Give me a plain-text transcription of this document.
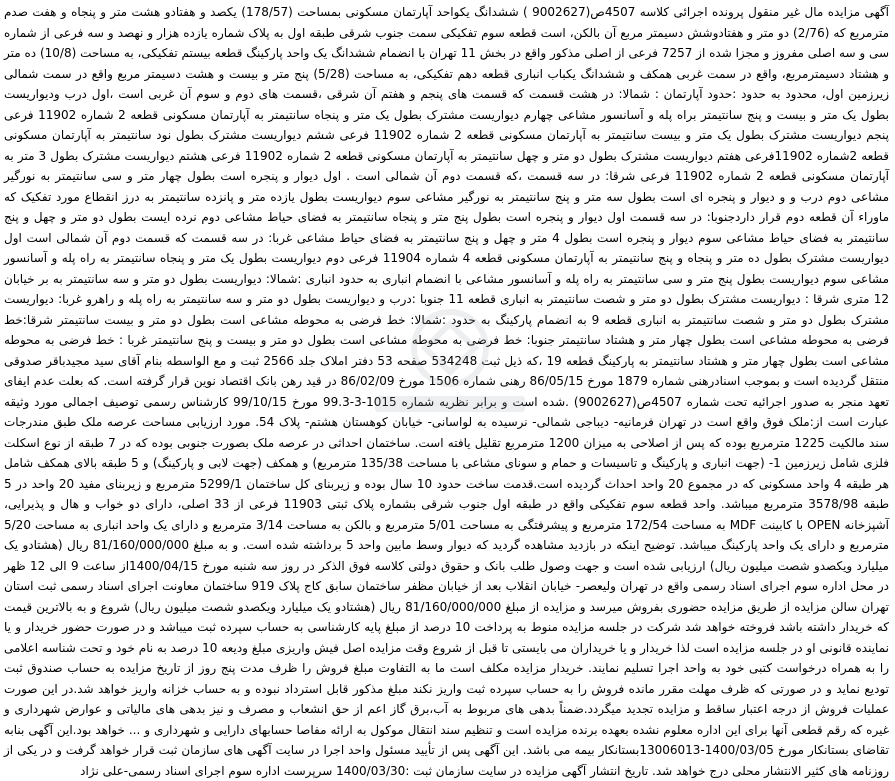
آگهی مزایده مال غیر منقول پرونده اجرائی کلاسه 4507ص(9002627 ) ششدانگ یکواحد آپارتمان مسکونی بمساحت (178/57) یکصد و هفتادو هشت متر و پنجاه و هفت صدم مترمربع که (2/76) دو متر و هفتادوشش دسیمتر مربع آن بالکن، است قطعه سوم تفکیکی سمت جنوب شرقی طبقه اول به پلاک شماره یازده هزار و نهصد و سه فرعی از شماره سی و سه اصلی مفروز و مجزا شده از 7257 فرعی از اصلی مذکور واقع در بخش 11 تهران با انضمام ششدانگ یک واحد پارکینگ قطعه بیستم تفکیکی، به مساحت (10/8) ده متر و هشتاد دسیمترمربع، واقع در سمت غربی همکف و ششدانگ یکباب انباری قطعه دهم تفکیکی، به مساحت (5/28) پنج متر و بیست و هشت دسیمتر مربع واقع در سمت شمالی زیرزمین اول، محدود به حدود :حدود آپارتمان : شمالا: در هشت قسمت که قسمت های پنجم و هفتم آن شرقی ،قسمت های دوم و سوم آن غربی است ،اول درب ودیواریست بطول یک متر و بیست و پنج سانتیمتر براه پله و آسانسور مشاعی چهارم دیواریست مشترک بطول یک متر و پنجاه سانتیمتر به آپارتمان مسکونی قطعه 2 شماره 11902 فرعی پنجم دیواریست مشترک بطول یک متر و بیست سانتیمتر به آپارتمان مسکونی قطعه 2 شماره 11902 فرعی ششم دیواریست مشترک بطول نود سانتیمتر به آپارتمان مسکونی قطعه 2شماره 11902فرعی هفتم دیواریست مشترک بطول دو متر و چهل سانتیمتر به آپارتمان مسکونی قطعه 2 شماره 11902 فرعی هشتم دیواریست مشترک بطول 3 متر به آپارتمان مسکونی قطعه 2 شماره 11902 فرعی شرقا: در سه قسمت ،که قسمت دوم آن شمالی است . اول دیوار و پنجره است بطول چهار متر و سی سانتیمتر به نورگیر مشاعی دوم درب و و دیوار و پنجره ای است بطول سه متر و پنج سانتیمتر به نورگیر مشاعی سوم دیواریست بطول یازده متر و پانزده سانتیمتر به درز انقطاع مورد تفکیک که ماوراء آن قطعه دوم قرار داردجنوبا: در سه قسمت اول دیوار و پنجره است بطول پنج متر و پنجاه سانتیمتر به فضای حیاط مشاعی دوم نرده ایست بطول دو متر و چهل و پنج سانتیمتر به فضای حیاط مشاعی سوم دیوار و پنجره است بطول 4 متر و چهل و پنج سانتیمتر به فضای حیاط مشاعی غربا: در سه قسمت که قسمت دوم آن شمالی است اول دیواریست مشترک بطول ده متر و پنجاه و پنج سانتیمتر به آپارتمان مسکونی قطعه 4 شماره 11904 فرعی دوم دیواریست بطول یک متر و پنجاه سانتیمتر به راه پله و آسانسور مشاعی سوم دیواریست بطول پنج متر و سی سانتیمتر به راه پله و آسانسور مشاعی با انضمام انباری به حدود انباری :شمالا: دیواریست بطول دو متر و سه سانتیمتر به بر خیابان 12 متری شرقا : دیواریست مشترک بطول دو متر و شصت سانتیمتر به انباری قطعه 11 جنوبا :درب و دیواریست بطول دو متر و سه سانتیمتر به راه پله و راهرو غربا: دیواریست مشترک بطول دو متر و شصت سانتیمتر به انباری قطعه 9 به انضمام پارکینگ به حدود :شمالا: خط فرضی به محوطه مشاعی است بطول دو متر و بیست سانتیمتر شرقا:خط فرضی به محوطه مشاعی است بطول چهار متر و هشتاد سانتیمتر جنوبا: خط فرضی به محوطه مشاعی است بطول دو متر و بیست و پنج سانتیمتر غربا : خط فرضی به محوطه مشاعی است بطول چهار متر و هشتاد سانتیمتر به پارکینگ قطعه 19 ،که ذیل ثبت 534248 صفحه 53 دفتر املاک جلد 2566 ثبت و مع الواسطه بنام آقای سید مجیدباقر صدوقی منتقل گردیده است و بموجب اسنادرهنی شماره 1879 مورخ 86/05/15 رهنی شماره 1506 مورخ 86/02/09 در قید رهن بانک اقتصاد نوین قرار گرفته است. که بعلت عدم ایفای تعهد منجر به صدور اجرائیه تحت شماره 4507ص(9002627) .شده است و برابر نظریه شماره 1015-3-99.3 مورخ 99/10/15 کارشناس رسمی توصیف اجمالی مورد وثیقه عبارت است از:ملک فوق واقع است در تهران فرمانیه- دیباجی شمالی- نرسیده به لواسانی- خیابان کوهستان هشتم- پلاک 54. مورد ارزیابی مساحت عرصه ملک طبق مندرجات سند مالکیت 1225 مترمربع بوده که پس از اصلاحی به میزان 1200 مترمربع تقلیل یافته است. ساختمان احداثی در عرصه ملک بصورت جنوبی بوده که در 7 طبقه از نوع اسکلت فلزی شامل زیرزمین 1- (جهت انباری و پارکینگ و تاسیسات و حمام و سونای مشاعی با مساحت 135/38 مترمربع) و همکف (جهت لابی و پارکینگ) و 5 طبقه بالای همکف شامل هر طبقه 4 واحد مسکونی که در مجموع 20 واحد احداث گردیده است.قدمت ساخت حدود 10 سال بوده و زیربنای کل ساختمان 5299/1 مترمربع و زیربنای مفید 20 واحد در 5 طبقه 3578/98 مترمربع میباشد. واحد قطعه سوم تفکیکی واقع در طبقه اول جنوب شرقی بشماره پلاک ثبتی 11903 فرعی از 33 اصلی، دارای دو خواب و هال و پذیرایی، آشپزخانه OPEN با کابینت MDF به مساحت 172/54 مترمربع و پیشرفتگی به مساحت 5/01 مترمربع و بالکن به مساحت 3/14 مترمربع و دارای یک واحد انباری به مساحت 5/20 مترمربع و دارای یک واحد پارکینگ میباشد. توضیح اینکه در بازدید مشاهده گردید که دیوار وسط مابین واحد 5 برداشته شده است. و به مبلغ 81/160/000/000 ریال (هشتادو یک میلیارد ویکصدو شصت میلیون ریال) ارزیابی شده است و جهت وصول طلب بانک و حقوق دولتی کلاسه فوق الذکر در روز سه شنبه مورخ 1400/04/15از ساعت 9 الی 12 ظهر در محل اداره سوم اجرای اسناد رسمی واقع در تهران ولیعصر- خیابان انقلاب بعد از خیابان مظفر ساختمان سابق کاج پلاک 919 ساختمان معاونت اجرای اسناد رسمی ثبت استان تهران سالن مزایده از طریق مزایده حضوری بفروش میرسد و مزایده از مبلغ 81/160/000/000 ریال (هشتادو یک میلیارد ویکصدو شصت میلیون ریال) شروع و به بالاترین قیمت که خریدار داشته باشد فروخته خواهد شد شرکت در جلسه مزایده منوط به پرداخت 10 درصد از مبلغ پایه کارشناسی به حساب سپرده ثبت میباشد و در صورت حضور خریدار و یا نماینده قانونی او در جلسه مزایده است لذا خریدار و یا خریداران می بایستی تا قبل از شروع وقت مزایده اصل فیش واریزی مبلغ ودیعه 10 درصد به نام خود و تحت شناسه اعلامی را به همراه درخواست کتبی خود به واحد اجرا تسلیم نمایند. خریدار مزایده مکلف است ما به التفاوت مبلغ فروش را ظرف مدت پنج روز از تاریخ مزایده به حساب صندوق ثبت تودیع نماید و در صورتی که ظرف مهلت مقرر مانده فروش را به حساب سپرده ثبت واریز نکند مبلغ مذکور قابل استرداد نبوده و به حساب خزانه واریز خواهد شد.در این صورت عملیات فروش از درجه اعتبار ساقط و مزایده تجدید میگردد.ضمناً بدهی های مربوط به آب،برق گاز اعم از حق انشعاب و مصرف و نیز بدهی های مالیاتی و عوارض شهرداری و غیره که رقم قطعی آنها برای این اداره معلوم نشده بعهده برنده مزایده است و تنظیم سند انتقال موکول به ارائه مفاصا حسابهای دارایی و شهرداری و ... خواهد بود.این آگهی بنابه تقاضای بستانکار مورخ 1400/03/05-13006013بستانکار بیمه می باشد. این آگهی پس از تأیید مسئول واحد اجرا در سایت آگهی های سازمان ثبت قرار خواهد گرفت و در یکی از روزنامه های کثیر الانتشار محلی درج خواهد شد. تاریخ انتشار آگهی مزایده در سایت سازمان ثبت :1400/03/30 سرپرست اداره سوم اجرای اسناد رسمی-علی نژاد
